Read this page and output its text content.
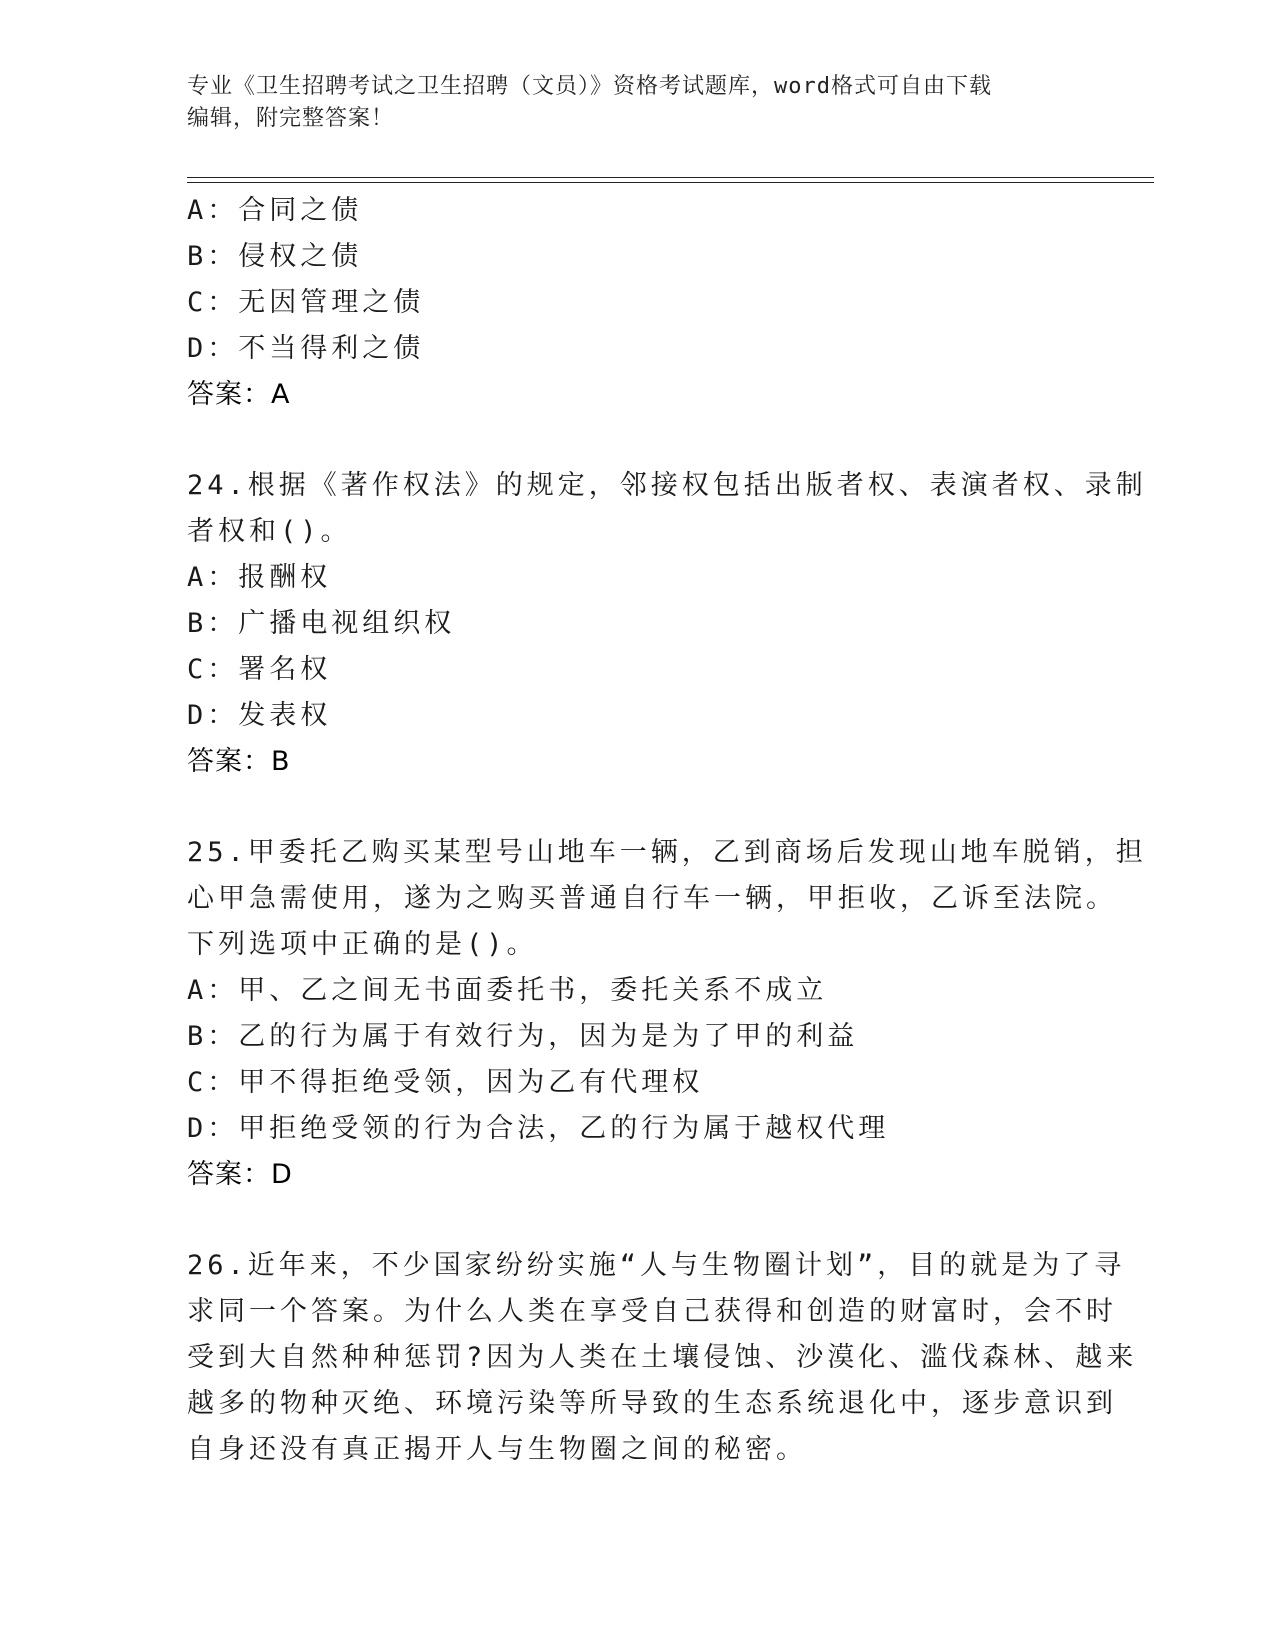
专业《卫生招聘考试之卫生招聘（文员）》资格考试题库，word格式可自由下载
编辑，附完整答案！
A：合同之债
B：侵权之债
C：无因管理之债
D：不当得利之债
答案：A
24.根据《著作权法》的规定，邻接权包括出版者权、表演者权、录制
者权和()。
A：报酬权
B：广播电视组织权
C：署名权
D：发表权
答案：B
25.甲委托乙购买某型号山地车一辆，乙到商场后发现山地车脱销，担
心甲急需使用，遂为之购买普通自行车一辆，甲拒收，乙诉至法院。
下列选项中正确的是()。
A：甲、乙之间无书面委托书，委托关系不成立
B：乙的行为属于有效行为，因为是为了甲的利益
C：甲不得拒绝受领，因为乙有代理权
D：甲拒绝受领的行为合法，乙的行为属于越权代理
答案：D
26.近年来，不少国家纷纷实施“人与生物圈计划”，目的就是为了寻
求同一个答案。为什么人类在享受自己获得和创造的财富时，会不时
受到大自然种种惩罚?因为人类在土壤侵蚀、沙漠化、滥伐森林、越来
越多的物种灭绝、环境污染等所导致的生态系统退化中，逐步意识到
自身还没有真正揭开人与生物圈之间的秘密。
